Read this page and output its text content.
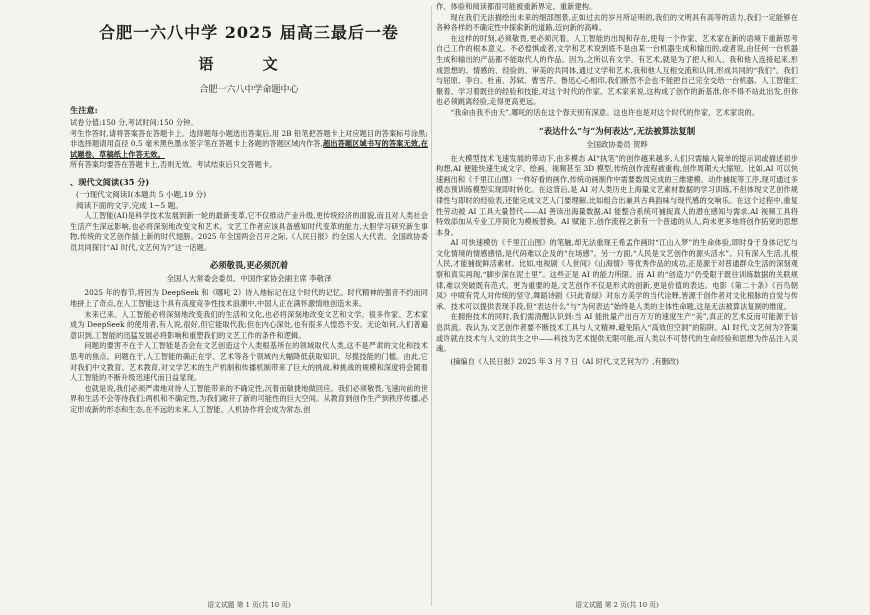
合肥一六八中学 2025 届高三最后一卷
语 文
合肥一六八中学命题中心
生注意:

试卷分值:150 分,考试时间:150 分钟。

考生作答时,请将答案答在答题卡上。选择题每小题选出答案后,用 2B 铅笔把答题卡上对应题目的答案标号涂黑;非选择题请用直径 0.5 毫米黑色墨水签字笔在答题卡上各题的答题区域内作答,超出答题区域书写的答案无效,在试题卷、草稿纸上作答无效。

所有答案均要答在答题卡上,否则无效。考试结束后只交答题卡。

、现代文阅读(35 分)
(一)现代文阅读Ⅰ(本题共 5 小题,19 分)
阅读下面的文字,完成 1~5 题。

人工智能(AI)是科学技术发展到新一轮的最新变革,它不仅推动产业升级,更传统经济的面貌,而且对人类社会生活产生深远影响,也必将深刻地改变文和艺术。文艺工作者应该具备感知时代变革的能力,大胆学习研究新生事物,传统的文艺创作插上新的时代翅膀。2025 年全国两会召开之际,《人民日报》约全国人大代表、全国政协委员共同探讨“AI 时代,文艺何为?”这一话题。

必须敬畏,更必须沉着
全国人大常委会委员、中国作家协会副主席 李敬泽

2025 年的春节,将因为 DeepSeek 和《哪吒 2》诗入地标记在这个时代的记忆。时代精神的强音不约而同地拼上了奇点,在人工智能这个具有高度竞争性技术浪潮中,中国人正在满怀激情地创造未来。

未来已来。人工智能必将深刻地改变我们的生活和文化,也必将深刻地改变文艺和文学。很多作家、艺术家成为 DeepSeek 的使用者,有人说,很好,但它能取代我;但在内心深处,也有很多人惶恐不安。无论如何,人们普遍意识到,工智能的迅猛发展必将影响和重塑我们的文艺工作的条件和逻辑。

问题的要害不在于人工智能是否会在文艺创造这个人类根基所在的领域取代人类,这不是严肃的文化和技术思考的焦点。问题在于,人工智能的确正在学、艺术等各个领域内大幅降低获取知识、尽揽技能的门槛。由此,它对我们中文教育、艺术教育,对文学艺术的生产机制和传播机制带来了巨大的挑战,种挑战的规模和深度将会随着人工智能的不断升级迅速代而日益显现。

也就是说,我们必须严肃地对待人工智能带来的不确定性,沉着而敏捷地做回应。我们必须敬畏,飞速向前的世界和生活不会等待我们;两机和不确定性,为我们敞开了新的可能性的巨大空间。从教育到创作生产到秩序传播,必定形成新的形态和生态,在不远的未来,人工智能、人机协作将会成为常态,创

语文试题 第 1 页(共 10 页)

作、体验和阅读都很可能被重新界定、重新建构。

现在我们无法描绘出未来的细部图景,正如过去的岁月所证明的,我们的文明具有高等的活力,我们一定能够在各种各样的不确定性中探索新的道路,迈向新的高峰。

在这样的时刻,必须敬畏,更必须沉着。人工智能的出现和存在,使每一个作家、艺术家在新的语境下重新思考自己工作的根本意义。不必惶惧或者,文学和艺术说到底不是由某一台机器生成和输出的,或者说,由任何一台机器生成和输出的产品都不能取代人的作品。因为,之所以有文学、有艺术,就是为了把人和人、我和他人连接起来,形成思想的、情感的、经验的、审美的共同体,通过文学和艺术,我和他人互相交流和认同,形成共同的“我们”。我们与屈原、李白、杜甫、苏轼、曹雪芹、鲁迅心心相印,我们断然不会也不能把自己完全交给一台机器。人工智能汇聚着、学习着既往的经验和技能,对这个时代的作家、艺术家来说,这构成了创作的新基准,你不得不站此出发,但你也必须跳离经验,走得更高更远。

“我命由我不由天”,哪吒的话在这个春天别有深意。这也许也是对这个时代的作家、艺术家说的。

“表达什么”与“为何表达”,无法被算法复制
全国政协委员 贺晔

在大模型技术飞速发展的带动下,由多模态 AI“执笔”的创作越来越多,人们只需输入简单的提示词或描述初步构想,AI 便能快速生成文字、绘画、视频甚至 3D 模型,传统创作流程被重构,创作周期大大缩短。比如,AI 可以快速画出和《千里江山图》一样好看的画作,传统动画制作中需要数周完成的三维建模、动作捕捉等工序,现可通过多模态预训练模型实现即时转化。在这背后,是 AI 对人类历史上海量文艺素材数据的学习训练,不但体现文艺创作规律性与即时的经验表,还能完成文艺人门要理解,比如组合出兼具古典韵味与现代感的交响乐。在这个过程中,重复性劳动被 AI 工具大量替代——AI 善读出海量数据,AI 能整合系统可捕捉真人的潜在感知与需求,AI 视频工具将特效添加从专业工序简化为模板替换。AI 赋能下,创作流程之新有一个普通的从人,尚未更多地将创作拓宽的思想本身。

AI 可快速模仿《千里江山图》的笔触,却无法重现王希孟作画时“江山入梦”的生命体验,即时身于身体记忆与文化情境的情感感悟,是代码难以企及的“在场感”。另一方面,“人民是文艺创作的源头活水”。只有深入生活,扎根人民,才能捕捉鲜活素材。比如,电视剧《人世间》《山海情》等优秀作品的成功,正是源于对普通群众生活的深刻观察和真实再现,“脚步深在泥土里”。这些正是 AI 的能力所限。而 AI 的“创造力”仍受限于既往训练数据的关联规律,难以突破既有范式。更为重要的是,文艺创作不仅是形式的创新,更是价值的表达。电影《第二十条》《百鸟朝凤》中喷有凭人对传统的坚守,舞蹈诗剧《只此青绿》对东方美学的当代诠释,皆源于创作者对文化根脉的自觉与传承。技术可以提供表现手段,但“表达什么”与“为何表达”始终是人类的主体性命题,这是无法被算法复制的维度。

在拥抱技术的同时,我们需清醒认识到:当 AI 能批量产出百万万的速度生产“美”,真正的艺术反而可能源于信息洪流。我认为,文艺创作者要不断技术工具与人文精神,避免陷入“高效但空洞”的陷阱。AI 时代,文艺何为?答案或许就在技术与人文的共生之中——科技为艺术提供无限可能,而人类以不可替代的生命经验和思想为作品注入灵魂。

(摘编自《人民日报》2025 年 3 月 7 日《AI 时代,文艺何为?》,有删改)

语文试题 第 2 页(共 10 页)
